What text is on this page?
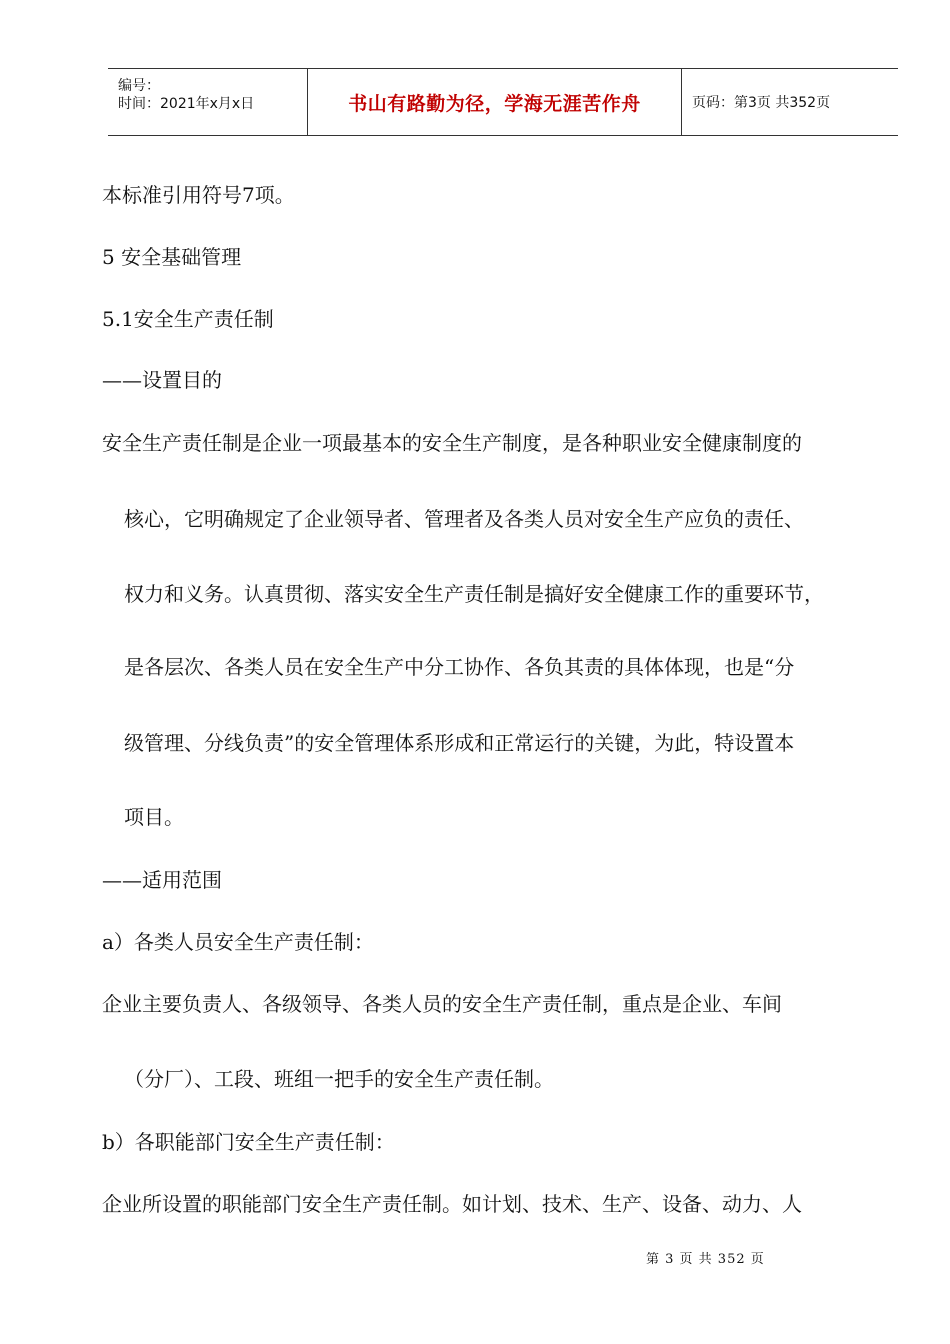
编号：
时间：2021年x月x日	书山有路勤为径，学海无涯苦作舟	页码：第3页 共352页
本标准引用符号7项。
5 安全基础管理
5.1安全生产责任制
——设置目的
安全生产责任制是企业一项最基本的安全生产制度，是各种职业安全健康制度的
核心，它明确规定了企业领导者、管理者及各类人员对安全生产应负的责任、
权力和义务。认真贯彻、落实安全生产责任制是搞好安全健康工作的重要环节，
是各层次、各类人员在安全生产中分工协作、各负其责的具体体现，也是“分
级管理、分线负责”的安全管理体系形成和正常运行的关键，为此，特设置本
项目。
——适用范围
a）各类人员安全生产责任制：
企业主要负责人、各级领导、各类人员的安全生产责任制，重点是企业、车间
（分厂）、工段、班组一把手的安全生产责任制。
b）各职能部门安全生产责任制：
企业所设置的职能部门安全生产责任制。如计划、技术、生产、设备、动力、人
第 3 页 共 352 页
